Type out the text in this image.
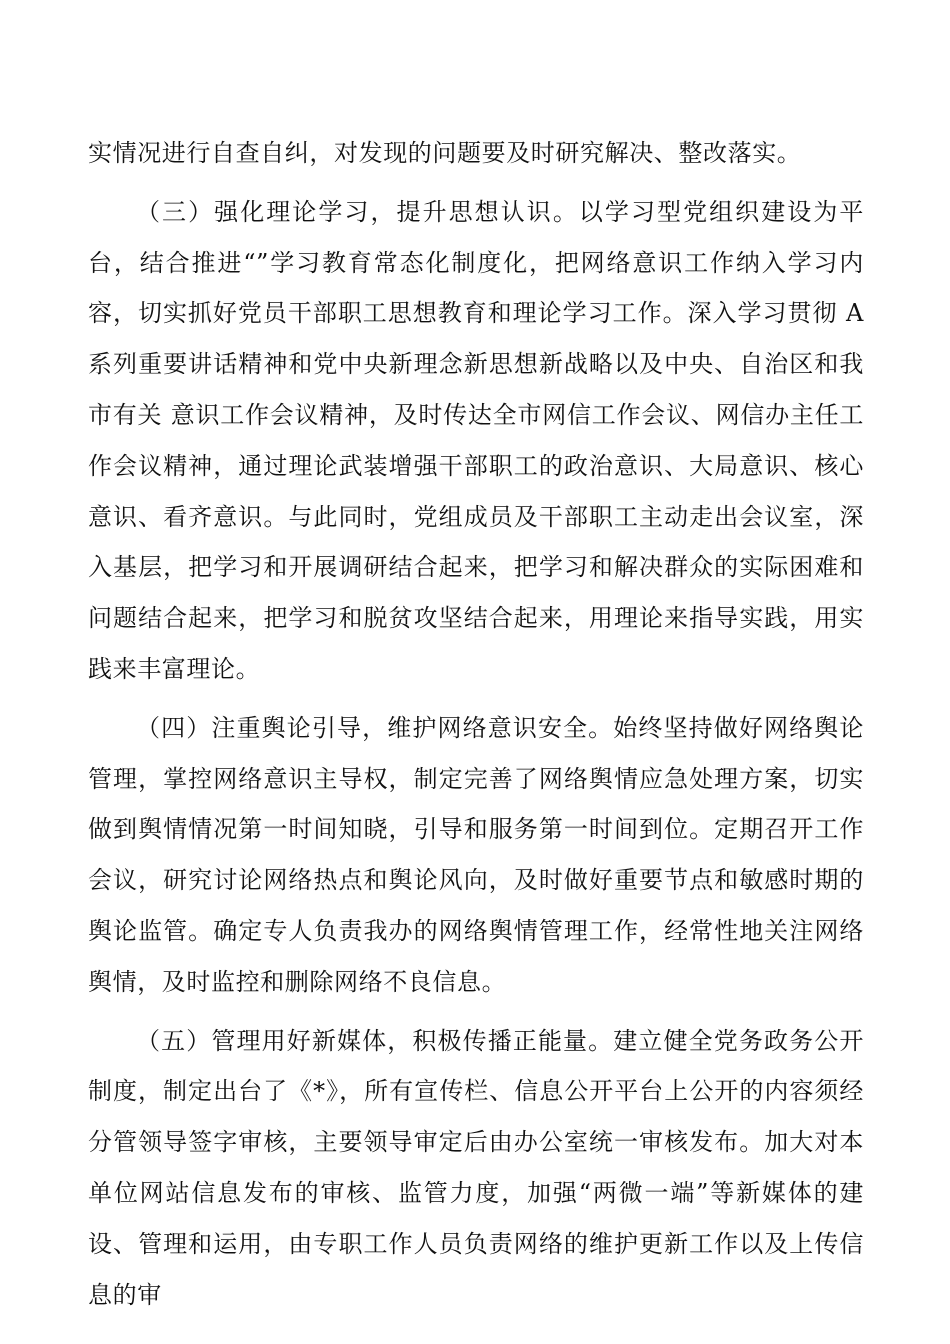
实情况进行自查自纠，对发现的问题要及时研究解决、整改落实。

（三）强化理论学习，提升思想认识。以学习型党组织建设为平台，结合推进“”学习教育常态化制度化，把网络意识工作纳入学习内容，切实抓好党员干部职工思想教育和理论学习工作。深入学习贯彻 A 系列重要讲话精神和党中央新理念新思想新战略以及中央、自治区和我市有关 意识工作会议精神，及时传达全市网信工作会议、网信办主任工作会议精神，通过理论武装增强干部职工的政治意识、大局意识、核心意识、看齐意识。与此同时，党组成员及干部职工主动走出会议室，深入基层，把学习和开展调研结合起来，把学习和解决群众的实际困难和问题结合起来，把学习和脱贫攻坚结合起来，用理论来指导实践，用实践来丰富理论。

（四）注重舆论引导，维护网络意识安全。始终坚持做好网络舆论管理，掌控网络意识主导权，制定完善了网络舆情应急处理方案，切实做到舆情情况第一时间知晓，引导和服务第一时间到位。定期召开工作会议，研究讨论网络热点和舆论风向，及时做好重要节点和敏感时期的舆论监管。确定专人负责我办的网络舆情管理工作，经常性地关注网络舆情，及时监控和删除网络不良信息。

（五）管理用好新媒体，积极传播正能量。建立健全党务政务公开制度，制定出台了《*》，所有宣传栏、信息公开平台上公开的内容须经分管领导签字审核，主要领导审定后由办公室统一审核发布。加大对本单位网站信息发布的审核、监管力度，加强“两微一端”等新媒体的建设、管理和运用，由专职工作人员负责网络的维护更新工作以及上传信息的审
